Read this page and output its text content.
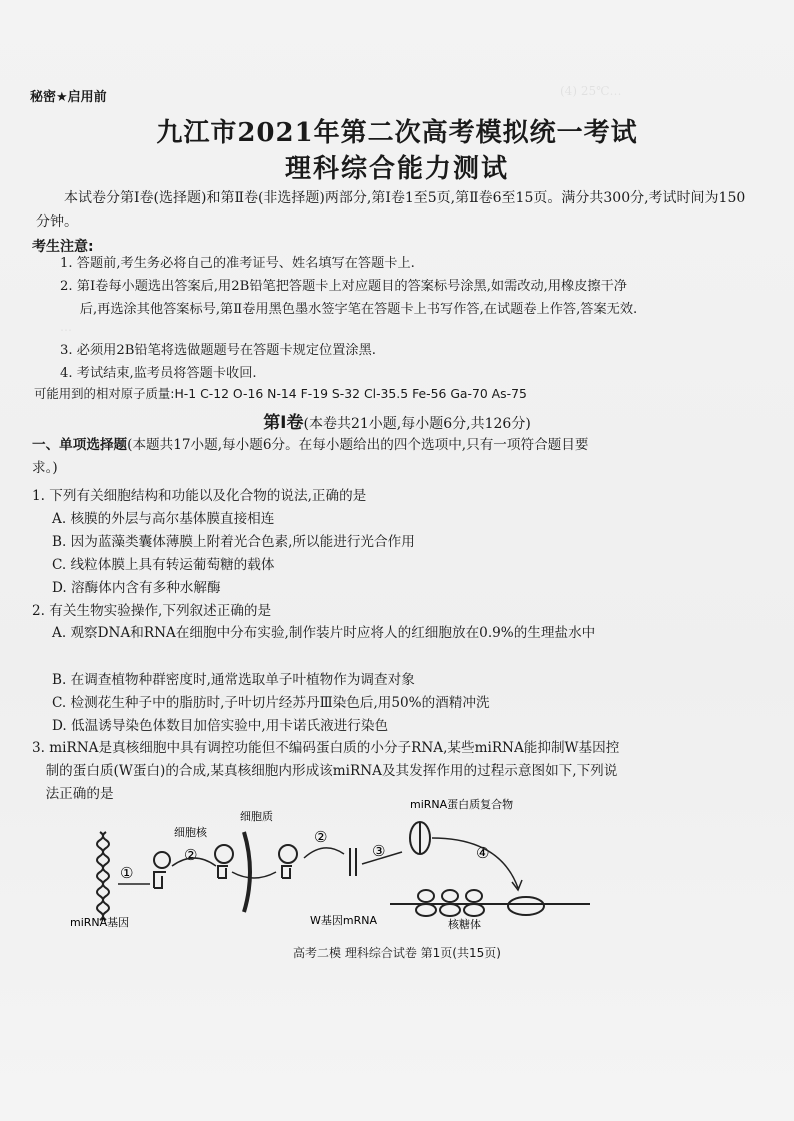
(4) 25℃…
…
秘密★启用前
九江市2021年第二次高考模拟统一考试
理科综合能力测试
本试卷分第Ⅰ卷(选择题)和第Ⅱ卷(非选择题)两部分,第Ⅰ卷1至5页,第Ⅱ卷6至15页。满分共300分,考试时间为150分钟。
考生注意:
1. 答题前,考生务必将自己的准考证号、姓名填写在答题卡上.
2. 第Ⅰ卷每小题选出答案后,用2B铅笔把答题卡上对应题目的答案标号涂黑,如需改动,用橡皮擦干净后,再选涂其他答案标号,第Ⅱ卷用黑色墨水签字笔在答题卡上书写作答,在试题卷上作答,答案无效.
3. 必须用2B铅笔将选做题题号在答题卡规定位置涂黑.
4. 考试结束,监考员将答题卡收回.
可能用到的相对原子质量:H-1 C-12 O-16 N-14 F-19 S-32 Cl-35.5 Fe-56 Ga-70 As-75
第Ⅰ卷(本卷共21小题,每小题6分,共126分)
一、单项选择题(本题共17小题,每小题6分。在每小题给出的四个选项中,只有一项符合题目要求。)
1. 下列有关细胞结构和功能以及化合物的说法,正确的是
A. 核膜的外层与高尔基体膜直接相连
B. 因为蓝藻类囊体薄膜上附着光合色素,所以能进行光合作用
C. 线粒体膜上具有转运葡萄糖的载体
D. 溶酶体内含有多种水解酶
2. 有关生物实验操作,下列叙述正确的是
A. 观察DNA和RNA在细胞中分布实验,制作装片时应将人的红细胞放在0.9%的生理盐水中
B. 在调查植物种群密度时,通常选取单子叶植物作为调查对象
C. 检测花生种子中的脂肪时,子叶切片经苏丹Ⅲ染色后,用50%的酒精冲洗
D. 低温诱导染色体数目加倍实验中,用卡诺氏液进行染色
3. miRNA是真核细胞中具有调控功能但不编码蛋白质的小分子RNA,某些miRNA能抑制W基因控制的蛋白质(W蛋白)的合成,某真核细胞内形成该miRNA及其发挥作用的过程示意图如下,下列说法正确的是
miRNA基因
①
细胞核
②
细胞质
②
③
miRNA蛋白质复合物
④
W基因mRNA	核糖体
高考二模 理科综合试卷 第1页(共15页)
